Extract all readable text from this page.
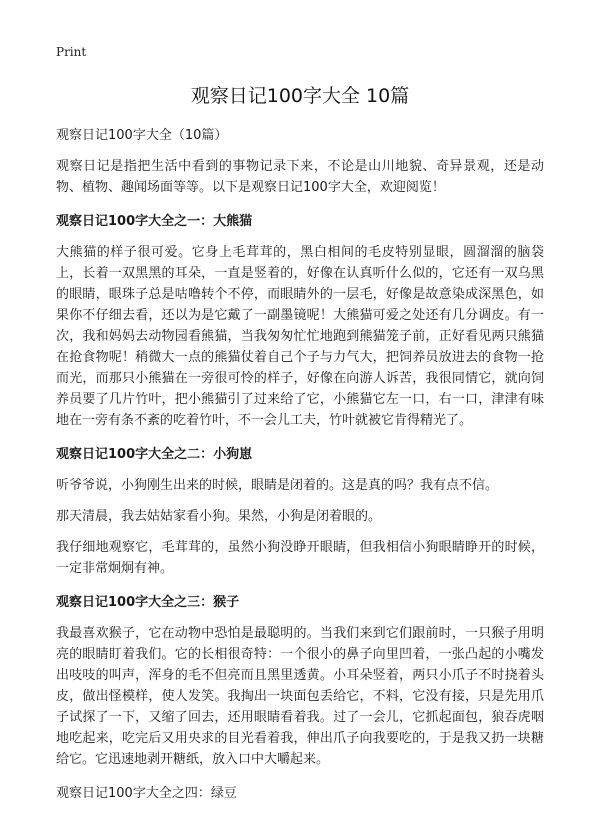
Print
观察日记100字大全 10篇
观察日记100字大全（10篇）

观察日记是指把生活中看到的事物记录下来，不论是山川地貌、奇异景观，还是动物、植物、趣闻场面等等。以下是观察日记100字大全，欢迎阅览！

观察日记100字大全之一：大熊猫

大熊猫的样子很可爱。它身上毛茸茸的，黑白相间的毛皮特别显眼，圆溜溜的脑袋上，长着一双黑黑的耳朵，一直是竖着的，好像在认真听什么似的，它还有一双乌黑的眼睛，眼珠子总是咕噜转个不停，而眼睛外的一层毛，好像是故意染成深黑色，如果你不仔细去看，还以为是它戴了一副墨镜呢！大熊猫可爱之处还有几分调皮。有一次，我和妈妈去动物园看熊猫，当我匆匆忙忙地跑到熊猫笼子前，正好看见两只熊猫在抢食物呢！稍微大一点的熊猫仗着自己个子与力气大，把饲养员放进去的食物一抢而光，而那只小熊猫在一旁很可怜的样子，好像在向游人诉苦，我很同情它，就向饲养员要了几片竹叶，把小熊猫引了过来给了它，小熊猫它左一口，右一口，津津有味地在一旁有条不紊的吃着竹叶，不一会儿工夫，竹叶就被它肯得精光了。

观察日记100字大全之二：小狗崽

听爷爷说，小狗刚生出来的时候，眼睛是闭着的。这是真的吗？我有点不信。

那天清晨，我去姑姑家看小狗。果然，小狗是闭着眼的。

我仔细地观察它，毛茸茸的，虽然小狗没睁开眼睛，但我相信小狗眼睛睁开的时候，一定非常炯炯有神。

观察日记100字大全之三：猴子

我最喜欢猴子，它在动物中恐怕是最聪明的。当我们来到它们跟前时，一只猴子用明亮的眼睛盯着我们。它的长相很奇特：一个很小的鼻子向里凹着，一张凸起的小嘴发出吱吱的叫声，浑身的毛不但亮而且黑里透黄。小耳朵竖着，两只小爪子不时挠着头皮，做出怪模样，使人发笑。我掏出一块面包丢给它，不料，它没有接，只是先用爪子试探了一下，又缩了回去，还用眼睛看着我。过了一会儿，它抓起面包，狼吞虎咽地吃起来，吃完后又用央求的目光看着我，伸出爪子向我要吃的，于是我又扔一块糖给它。它迅速地剥开糖纸，放入口中大嚼起来。

观察日记100字大全之四：绿豆
